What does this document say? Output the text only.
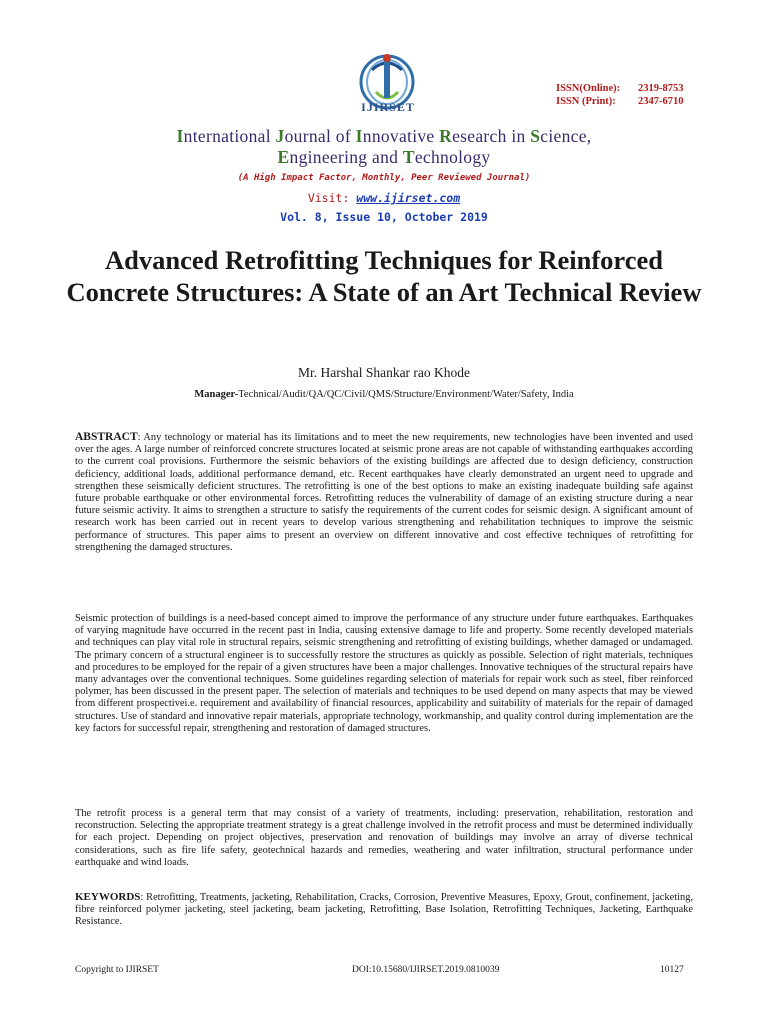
IJIRSET
ISSN(Online): 2319-8753
ISSN (Print): 2347-6710
International Journal of Innovative Research in Science,
Engineering and Technology
(A High Impact Factor, Monthly, Peer Reviewed Journal)
Visit: www.ijirset.com
Vol. 8, Issue 10, October 2019
Advanced Retrofitting Techniques for Reinforced Concrete Structures: A State of an Art Technical Review
Mr. Harshal Shankar rao Khode
Manager-Technical/Audit/QA/QC/Civil/QMS/Structure/Environment/Water/Safety, India
ABSTRACT: Any technology or material has its limitations and to meet the new requirements, new technologies have been invented and used over the ages. A large number of reinforced concrete structures located at seismic prone areas are not capable of withstanding earthquakes according to the current coal provisions. Furthermore the seismic behaviors of the existing buildings are affected due to design deficiency, construction deficiency, additional loads, additional performance demand, etc. Recent earthquakes have clearly demonstrated an urgent need to upgrade and strengthen these seismically deficient structures. The retrofitting is one of the best options to make an existing inadequate building safe against future probable earthquake or other environmental forces. Retrofitting reduces the vulnerability of damage of an existing structure during a near future seismic activity. It aims to strengthen a structure to satisfy the requirements of the current codes for seismic design. A significant amount of research work has been carried out in recent years to develop various strengthening and rehabilitation techniques to improve the seismic performance of structures. This paper aims to present an overview on different innovative and cost effective techniques of retrofitting for strengthening the damaged structures.
Seismic protection of buildings is a need-based concept aimed to improve the performance of any structure under future earthquakes. Earthquakes of varying magnitude have occurred in the recent past in India, causing extensive damage to life and property. Some recently developed materials and techniques can play vital role in structural repairs, seismic strengthening and retrofitting of existing buildings, whether damaged or undamaged. The primary concern of a structural engineer is to successfully restore the structures as quickly as possible. Selection of right materials, techniques and procedures to be employed for the repair of a given structures have been a major challenges. Innovative techniques of the structural repairs have many advantages over the conventional techniques. Some guidelines regarding selection of materials for repair work such as steel, fiber reinforced polymer, has been discussed in the present paper. The selection of materials and techniques to be used depend on many aspects that may be viewed from different prospectivei.e. requirement and availability of financial resources, applicability and suitability of materials for the repair of damaged structures. Use of standard and innovative repair materials, appropriate technology, workmanship, and quality control during implementation are the key factors for successful repair, strengthening and restoration of damaged structures.
The retrofit process is a general term that may consist of a variety of treatments, including: preservation, rehabilitation, restoration and reconstruction. Selecting the appropriate treatment strategy is a great challenge involved in the retrofit process and must be determined individually for each project. Depending on project objectives, preservation and renovation of buildings may involve an array of diverse technical considerations, such as fire life safety, geotechnical hazards and remedies, weathering and water infiltration, structural performance under earthquake and wind loads.
KEYWORDS: Retrofitting, Treatments, jacketing, Rehabilitation, Cracks, Corrosion, Preventive Measures, Epoxy, Grout, confinement, jacketing, fibre reinforced polymer jacketing, steel jacketing, beam jacketing, Retrofitting, Base Isolation, Retrofitting Techniques, Jacketing, Earthquake Resistance.
Copyright to IJIRSET	DOI:10.15680/IJIRSET.2019.0810039	10127
